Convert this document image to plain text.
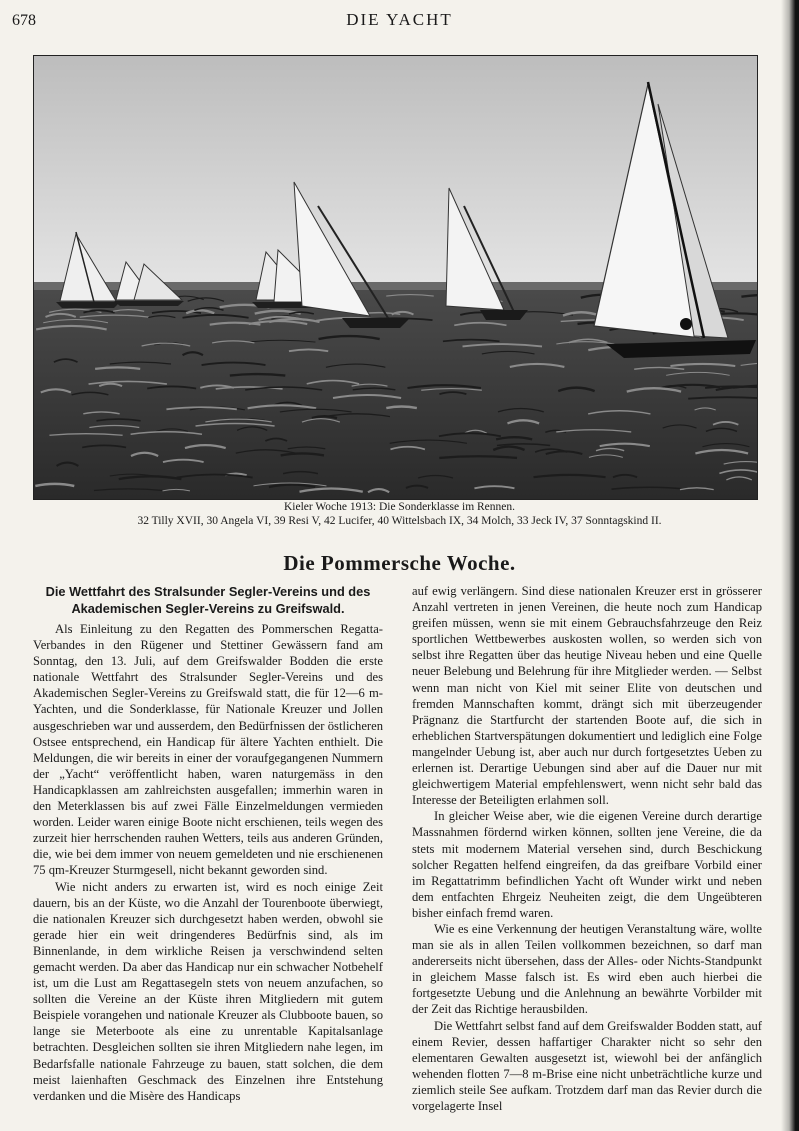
678	DIE YACHT
Kieler Woche 1913: Die Sonderklasse im Rennen.
32 Tilly XVII, 30 Angela VI, 39 Resi V, 42 Lucifer, 40 Wittelsbach IX, 34 Molch, 33 Jeck IV, 37 Sonntagskind II.
Die Pommersche Woche.
Die Wettfahrt des Stralsunder Segler-Vereins und des Akademischen Segler-Vereins zu Greifswald.

Als Einleitung zu den Regatten des Pommerschen Regatta-Verbandes in den Rügener und Stettiner Gewässern fand am Sonntag, den 13. Juli, auf dem Greifswalder Bodden die erste nationale Wettfahrt des Stralsunder Segler-Vereins und des Akademischen Segler-Vereins zu Greifswald statt, die für 12—6 m-Yachten, und die Sonderklasse, für Nationale Kreuzer und Jollen ausgeschrieben war und ausserdem, den Bedürfnissen der östlicheren Ostsee entsprechend, ein Handicap für ältere Yachten enthielt. Die Meldungen, die wir bereits in einer der voraufgegangenen Nummern der „Yacht“ veröffentlicht haben, waren naturgemäss in den Handicapklassen am zahlreichsten ausgefallen; immerhin waren in den Meterklassen bis auf zwei Fälle Einzelmeldungen vermieden worden. Leider waren einige Boote nicht erschienen, teils wegen des zurzeit hier herrschenden rauhen Wetters, teils aus anderen Gründen, die, wie bei dem immer von neuem gemeldeten und nie erschienenen 75 qm-Kreuzer Sturmgesell, nicht bekannt geworden sind.

Wie nicht anders zu erwarten ist, wird es noch einige Zeit dauern, bis an der Küste, wo die Anzahl der Tourenboote überwiegt, die nationalen Kreuzer sich durchgesetzt haben werden, obwohl sie gerade hier ein weit dringenderes Bedürfnis sind, als im Binnenlande, in dem wirkliche Reisen ja verschwindend selten gemacht werden. Da aber das Handicap nur ein schwacher Notbehelf ist, um die Lust am Regattasegeln stets von neuem anzufachen, so sollten die Vereine an der Küste ihren Mitgliedern mit gutem Beispiele vorangehen und nationale Kreuzer als Clubboote bauen, so lange sie Meterboote als eine zu unrentable Kapitalsanlage betrachten. Desgleichen sollten sie ihren Mitgliedern nahe legen, im Bedarfsfalle nationale Fahrzeuge zu bauen, statt solchen, die dem meist laienhaften Geschmack des Einzelnen ihre Entstehung verdanken und die Misère des Handicaps

auf ewig verlängern. Sind diese nationalen Kreuzer erst in grösserer Anzahl vertreten in jenen Vereinen, die heute noch zum Handicap greifen müssen, wenn sie mit einem Gebrauchsfahrzeuge den Reiz sportlichen Wettbewerbes auskosten wollen, so werden sich von selbst ihre Regatten über das heutige Niveau heben und eine Quelle neuer Belebung und Belehrung für ihre Mitglieder werden. — Selbst wenn man nicht von Kiel mit seiner Elite von deutschen und fremden Mannschaften kommt, drängt sich mit überzeugender Prägnanz die Startfurcht der startenden Boote auf, die sich in erheblichen Startverspätungen dokumentiert und lediglich eine Folge mangelnder Uebung ist, aber auch nur durch fortgesetztes Ueben zu erlernen ist. Derartige Uebungen sind aber auf die Dauer nur mit gleichwertigem Material empfehlenswert, wenn nicht sehr bald das Interesse der Beteiligten erlahmen soll.

In gleicher Weise aber, wie die eigenen Vereine durch derartige Massnahmen fördernd wirken können, sollten jene Vereine, die da stets mit modernem Material versehen sind, durch Beschickung solcher Regatten helfend eingreifen, da das greifbare Vorbild einer im Regattatrimm befindlichen Yacht oft Wunder wirkt und neben dem entfachten Ehrgeiz Neuheiten zeigt, die dem Ungeübteren bisher einfach fremd waren.

Wie es eine Verkennung der heutigen Veranstaltung wäre, wollte man sie als in allen Teilen vollkommen bezeichnen, so darf man andererseits nicht übersehen, dass der Alles- oder Nichts-Standpunkt in gleichem Masse falsch ist. Es wird eben auch hierbei die fortgesetzte Uebung und die Anlehnung an bewährte Vorbilder mit der Zeit das Richtige herausbilden.

Die Wettfahrt selbst fand auf dem Greifswalder Bodden statt, auf einem Revier, dessen haffartiger Charakter nicht so sehr den elementaren Gewalten ausgesetzt ist, wiewohl bei der anfänglich wehenden flotten 7—8 m-Brise eine nicht unbeträchtliche kurze und ziemlich steile See aufkam. Trotzdem darf man das Revier durch die vorgelagerte Insel
